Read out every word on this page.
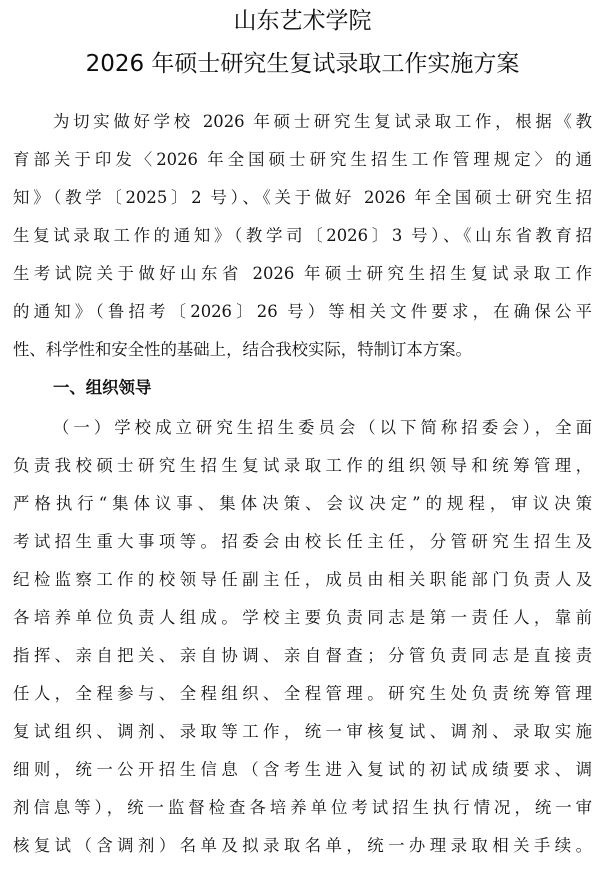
山东艺术学院
2026 年硕士研究生复试录取工作实施方案
为切实做好学校 2026 年硕士研究生复试录取工作，根据《教
育部关于印发〈2026 年全国硕士研究生招生工作管理规定〉的通
知》（教学〔2025〕2 号）、《关于做好 2026 年全国硕士研究生招
生复试录取工作的通知》（教学司〔2026〕3 号）、《山东省教育招
生考试院关于做好山东省 2026 年硕士研究生招生复试录取工作
的通知》（鲁招考〔2026〕26 号）等相关文件要求，在确保公平
性、科学性和安全性的基础上，结合我校实际，特制订本方案。
一、组织领导
（一）学校成立研究生招生委员会（以下简称招委会），全面
负责我校硕士研究生招生复试录取工作的组织领导和统筹管理，
严格执行“集体议事、集体决策、会议决定”的规程，审议决策
考试招生重大事项等。招委会由校长任主任，分管研究生招生及
纪检监察工作的校领导任副主任，成员由相关职能部门负责人及
各培养单位负责人组成。学校主要负责同志是第一责任人，靠前
指挥、亲自把关、亲自协调、亲自督查；分管负责同志是直接责
任人，全程参与、全程组织、全程管理。研究生处负责统筹管理
复试组织、调剂、录取等工作，统一审核复试、调剂、录取实施
细则，统一公开招生信息（含考生进入复试的初试成绩要求、调
剂信息等），统一监督检查各培养单位考试招生执行情况，统一审
核复试（含调剂）名单及拟录取名单，统一办理录取相关手续。
